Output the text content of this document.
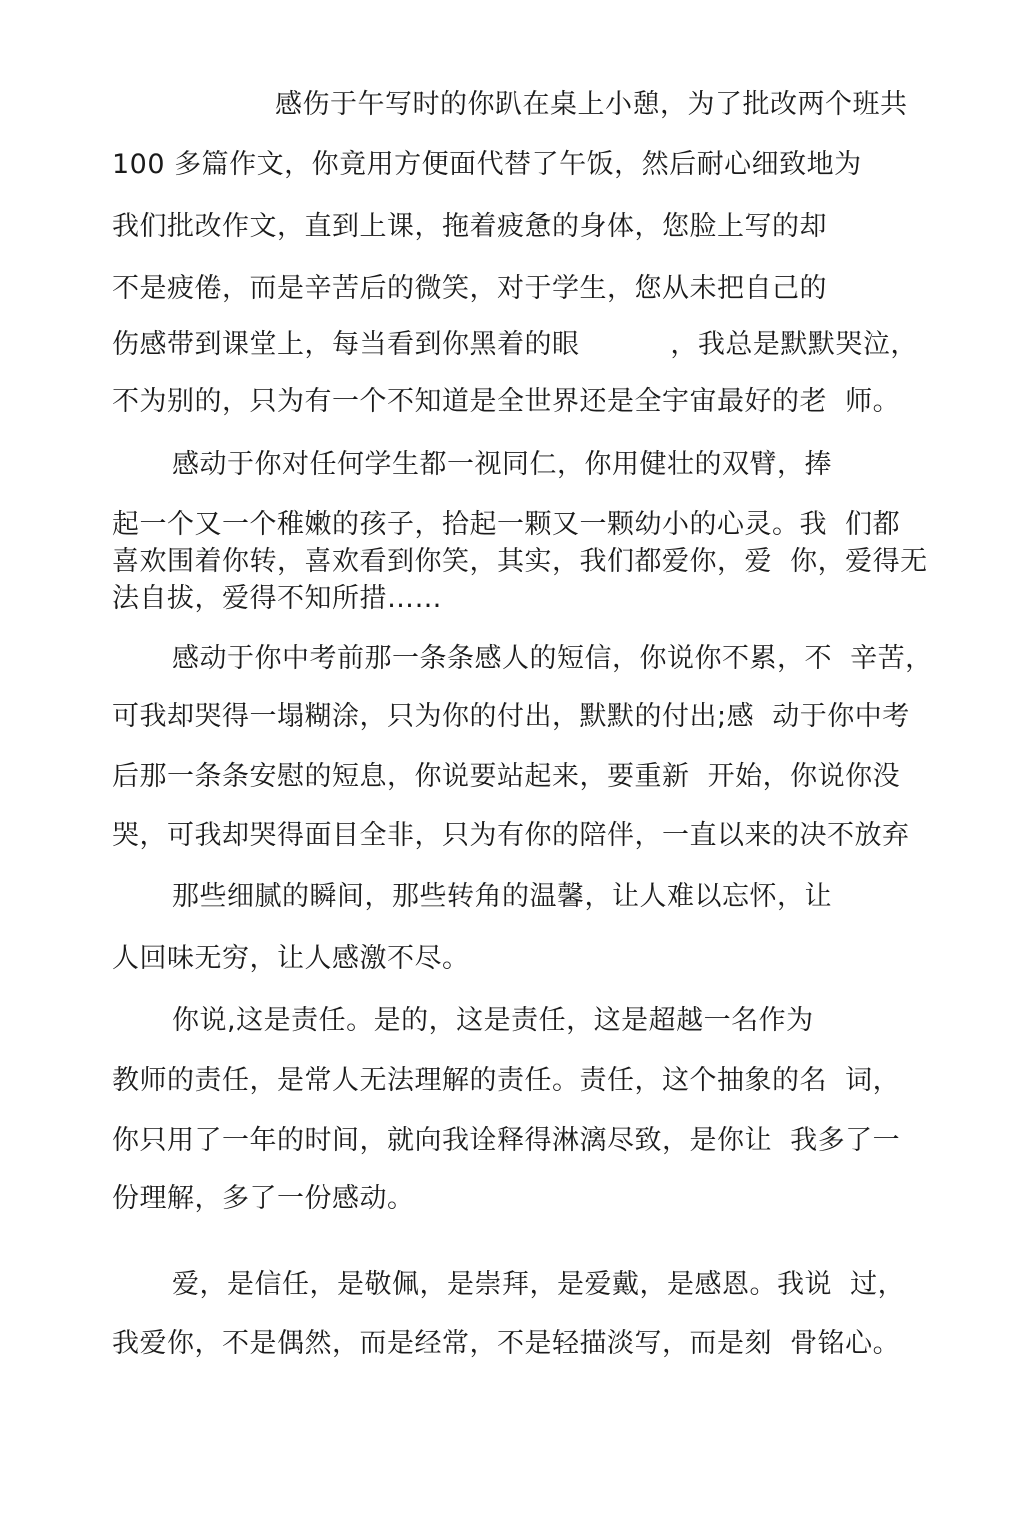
感伤于午写时的你趴在桌上小憩，为了批改两个班共
100 多篇作文，你竟用方便面代替了午饭，然后耐心细致地为
我们批改作文，直到上课，拖着疲惫的身体，您脸上写的却
不是疲倦，而是辛苦后的微笑，对于学生，您从未把自己的
伤感带到课堂上，每当看到你黑着的眼          ，我总是默默哭泣，
不为别的，只为有一个不知道是全世界还是全宇宙最好的老  师。
感动于你对任何学生都一视同仁，你用健壮的双臂，捧
起一个又一个稚嫩的孩子，拾起一颗又一颗幼小的心灵。我  们都
喜欢围着你转，喜欢看到你笑，其实，我们都爱你，爱  你，爱得无
法自拔，爱得不知所措……
感动于你中考前那一条条感人的短信，你说你不累，不  辛苦，
可我却哭得一塌糊涂，只为你的付出，默默的付出;感  动于你中考
后那一条条安慰的短息，你说要站起来，要重新  开始，你说你没
哭，可我却哭得面目全非，只为有你的陪伴，一直以来的决不放弃
那些细腻的瞬间，那些转角的温馨，让人难以忘怀，让
人回味无穷，让人感激不尽。
你说,这是责任。是的，这是责任，这是超越一名作为
教师的责任，是常人无法理解的责任。责任，这个抽象的名  词，
你只用了一年的时间，就向我诠释得淋漓尽致，是你让  我多了一
份理解，多了一份感动。
爱，是信任，是敬佩，是崇拜，是爱戴，是感恩。我说  过，
我爱你，不是偶然，而是经常，不是轻描淡写，而是刻  骨铭心。
